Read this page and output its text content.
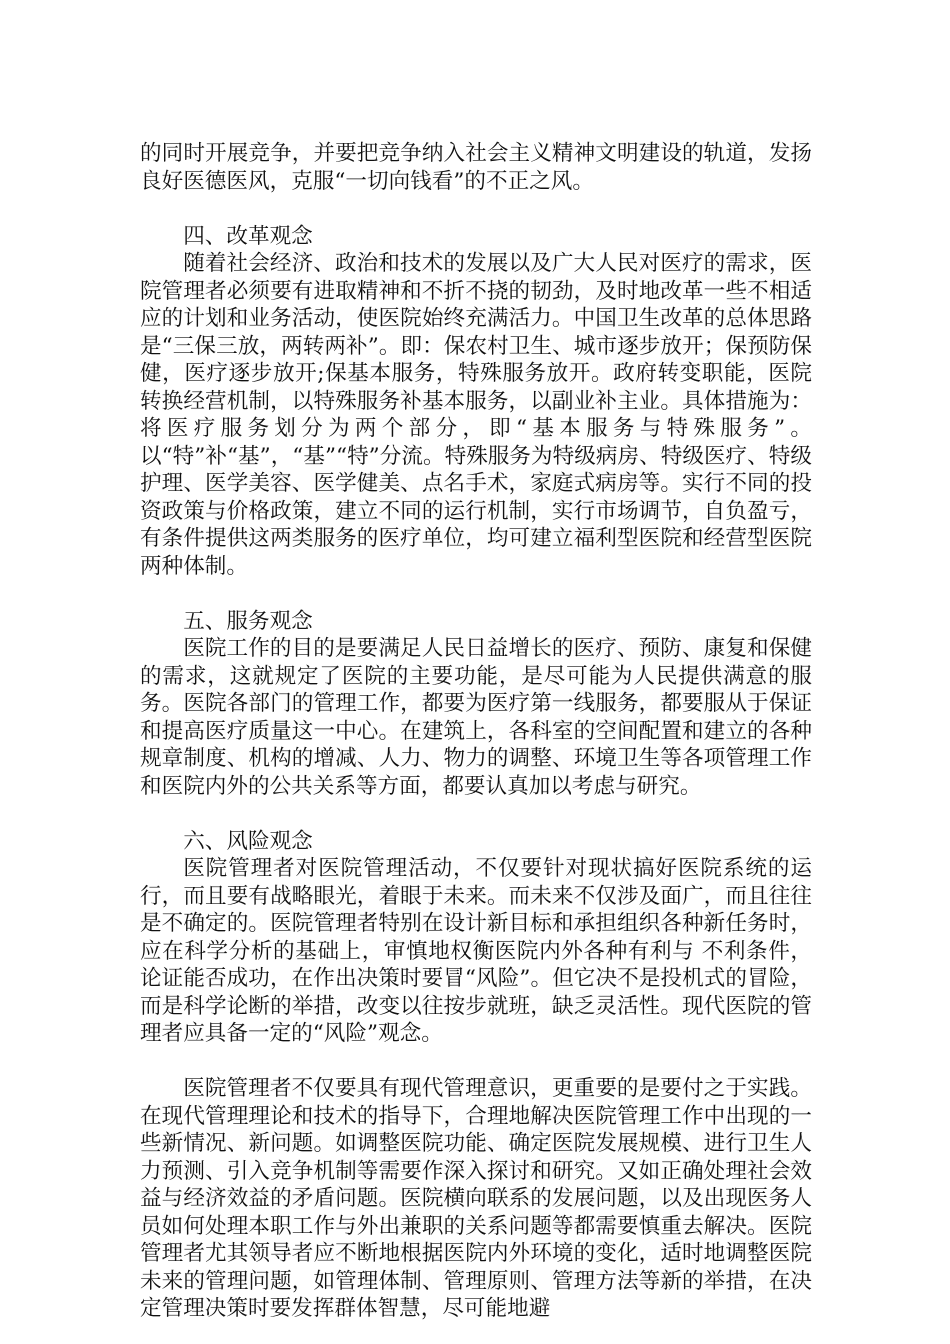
的同时开展竞争，并要把竞争纳入社会主义精神文明建设的轨道，发扬良好医德医风，克服“一切向钱看”的不正之风。

四、改革观念

随着社会经济、政治和技术的发展以及广大人民对医疗的需求，医院管理者必须要有进取精神和不折不挠的韧劲，及时地改革一些不相适应的计划和业务活动，使医院始终充满活力。中国卫生改革的总体思路是“三保三放，两转两补”。即：保农村卫生、城市逐步放开；保预防保健，医疗逐步放开;保基本服务，特殊服务放开。政府转变职能，医院转换经营机制，以特殊服务补基本服务，以副业补主业。具体措施为：将医疗服务划分为两个部分，即“基本服务与特殊服务”。以“特”补“基”，“基”“特”分流。特殊服务为特级病房、特级医疗、特级护理、医学美容、医学健美、点名手术，家庭式病房等。实行不同的投资政策与价格政策，建立不同的运行机制，实行市场调节，自负盈亏，有条件提供这两类服务的医疗单位，均可建立福利型医院和经营型医院两种体制。

五、服务观念

医院工作的目的是要满足人民日益增长的医疗、预防、康复和保健的需求，这就规定了医院的主要功能，是尽可能为人民提供满意的服务。医院各部门的管理工作，都要为医疗第一线服务，都要服从于保证和提高医疗质量这一中心。在建筑上，各科室的空间配置和建立的各种规章制度、机构的增减、人力、物力的调整、环境卫生等各项管理工作和医院内外的公共关系等方面，都要认真加以考虑与研究。

六、风险观念

医院管理者对医院管理活动，不仅要针对现状搞好医院系统的运行，而且要有战略眼光，着眼于未来。而未来不仅涉及面广，而且往往是不确定的。医院管理者特别在设计新目标和承担组织各种新任务时，应在科学分析的基础上，审慎地权衡医院内外各种有利与 不利条件，论证能否成功，在作出决策时要冒“风险”。但它决不是投机式的冒险，而是科学论断的举措，改变以往按步就班，缺乏灵活性。现代医院的管理者应具备一定的“风险”观念。

医院管理者不仅要具有现代管理意识，更重要的是要付之于实践。在现代管理理论和技术的指导下，合理地解决医院管理工作中出现的一些新情况、新问题。如调整医院功能、确定医院发展规模、进行卫生人力预测、引入竞争机制等需要作深入探讨和研究。又如正确处理社会效益与经济效益的矛盾问题。医院横向联系的发展问题，以及出现医务人员如何处理本职工作与外出兼职的关系问题等都需要慎重去解决。医院管理者尤其领导者应不断地根据医院内外环境的变化，适时地调整医院未来的管理问题，如管理体制、管理原则、管理方法等新的举措，在决定管理决策时要发挥群体智慧，尽可能地避
